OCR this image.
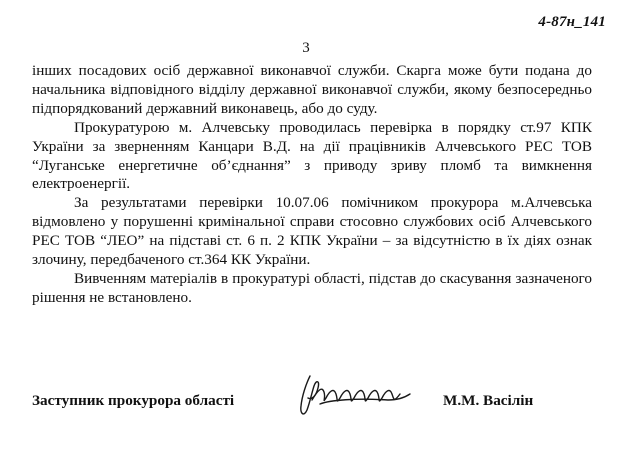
4-87н_141
3

інших посадових осіб державної виконавчої служби. Скарга може бути подана до начальника відповідного відділу державної виконавчої служби, якому безпосередньо підпорядкований державний виконавець, або до суду.

Прокуратурою м. Алчевську проводилась перевірка в порядку ст.97 КПК України за зверненням Канцари В.Д. на дії працівників Алчевського РЕС ТОВ “Луганське енергетичне об’єднання” з приводу зриву пломб та вимкнення електроенергії.

За результатами перевірки 10.07.06 помічником прокурора м.Алчевська відмовлено у порушенні кримінальної справи стосовно службових осіб Алчевського РЕС ТОВ “ЛЕО” на підставі ст. 6 п. 2 КПК України – за відсутністю в їх діях ознак злочину, передбаченого ст.364 КК України.

Вивченням матеріалів в прокуратурі області, підстав до скасування зазначеного рішення не встановлено.

Заступник прокурора області	М.М. Васілін
